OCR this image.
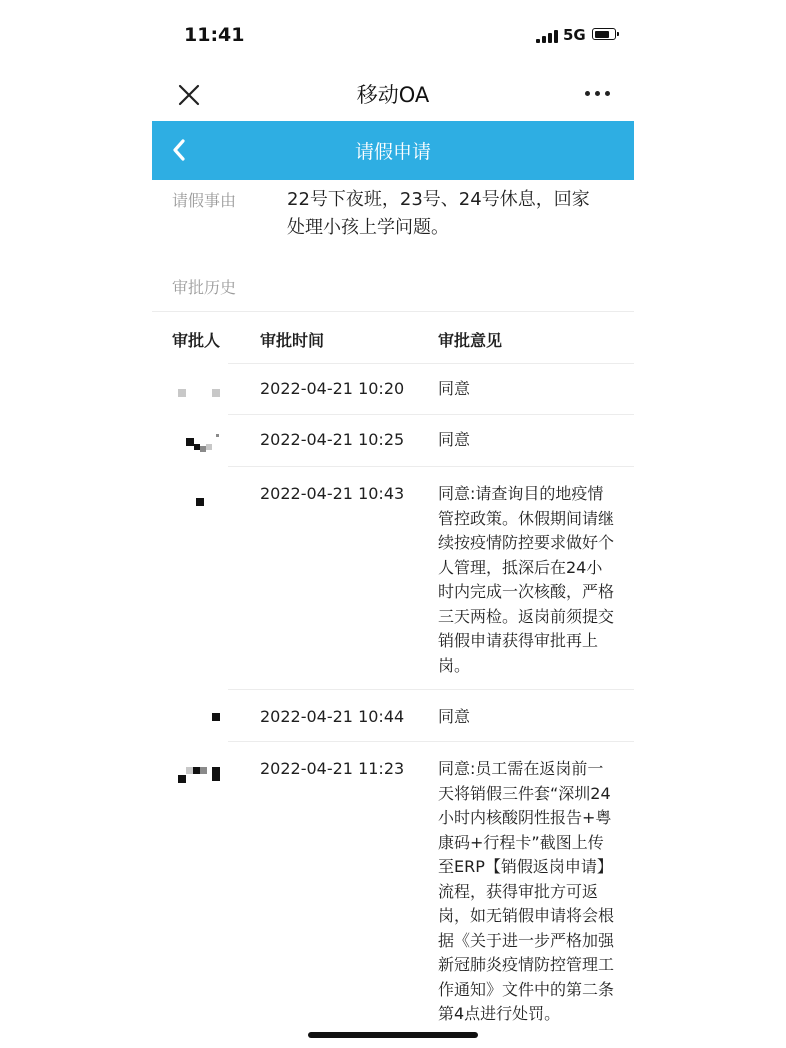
11:41	5G
移动OA
请假申请
请假事由	22号下夜班，23号、24号休息，回家处理小孩上学问题。
审批历史
审批人 审批时间	审批意见
2022-04-21 10:20 同意
2022-04-21 10:25 同意
2022-04-21 10:43 同意:请查询目的地疫情管控政策。休假期间请继续按疫情防控要求做好个人管理，抵深后在24小时内完成一次核酸，严格三天两检。返岗前须提交销假申请获得审批再上岗。
2022-04-21 10:44 同意
2022-04-21 11:23 同意:员工需在返岗前一天将销假三件套“深圳24小时内核酸阴性报告+粤康码+行程卡”截图上传至ERP【销假返岗申请】流程，获得审批方可返岗，如无销假申请将会根据《关于进一步严格加强新冠肺炎疫情防控管理工作通知》文件中的第二条第4点进行处罚。
